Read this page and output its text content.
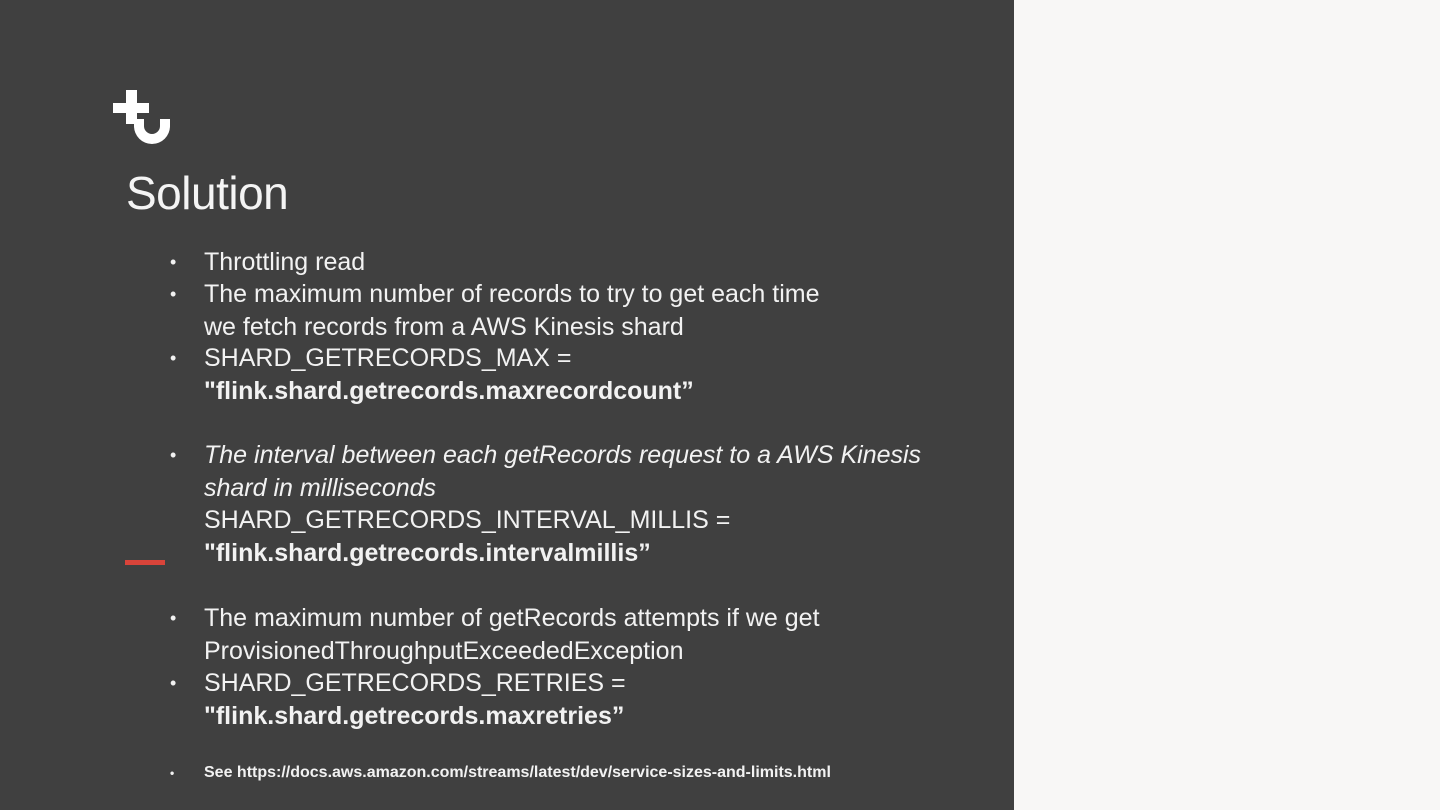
Solution
•	Throttling read
•	The maximum number of records to try to get each time
we fetch records from a AWS Kinesis shard
•	SHARD_GETRECORDS_MAX =
"flink.shard.getrecords.maxrecordcount”
•	The interval between each getRecords request to a AWS Kinesis
shard in milliseconds
SHARD_GETRECORDS_INTERVAL_MILLIS =
"flink.shard.getrecords.intervalmillis”
•	The maximum number of getRecords attempts if we get
ProvisionedThroughputExceededException
•	SHARD_GETRECORDS_RETRIES =
"flink.shard.getrecords.maxretries”
• See https://docs.aws.amazon.com/streams/latest/dev/service-sizes-and-limits.html
